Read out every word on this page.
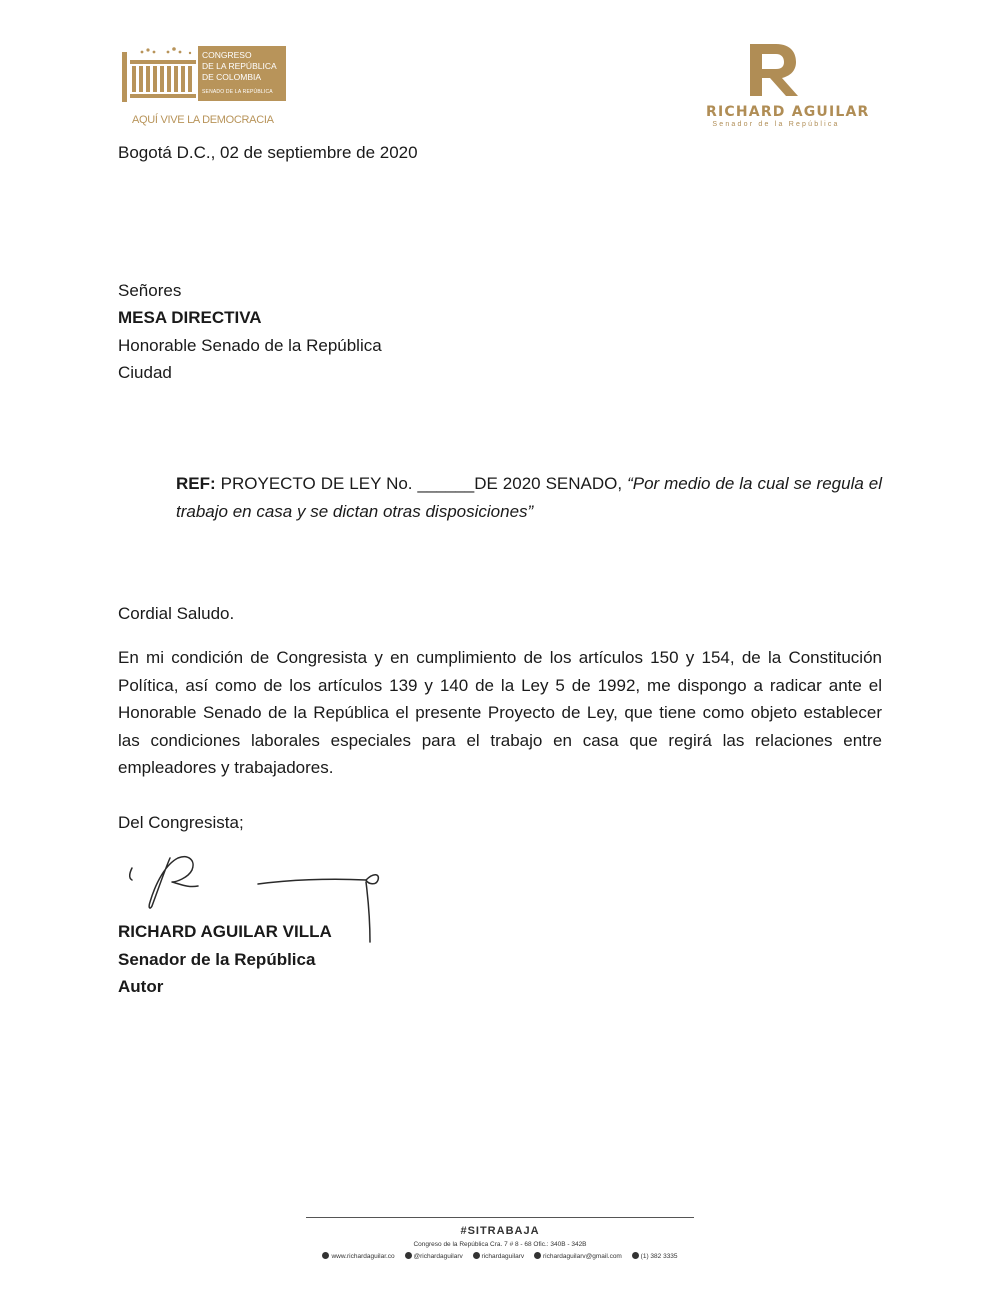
CONGRESO
DE LA REPÚBLICA
DE COLOMBIA
SENADO DE LA REPÚBLICA
AQUÍ VIVE LA DEMOCRACIA	RICHARD AGUILAR
Senador de la República
Bogotá D.C., 02 de septiembre de 2020
Señores
MESA DIRECTIVA
Honorable Senado de la República
Ciudad
REF: PROYECTO DE LEY No. ______DE 2020 SENADO, “Por medio de la cual se regula el trabajo en casa y se dictan otras disposiciones”
Cordial Saludo.
En mi condición de Congresista y en cumplimiento de los artículos 150 y 154, de la Constitución Política, así como de los artículos 139 y 140 de la Ley 5 de 1992, me dispongo a radicar ante el Honorable Senado de la República el presente Proyecto de Ley, que tiene como objeto establecer las condiciones laborales especiales para el trabajo en casa que regirá las relaciones entre empleadores y trabajadores.
Del Congresista;
RICHARD AGUILAR VILLA
Senador de la República
Autor
#SITRABAJA
Congreso de la República Cra. 7 # 8 - 68 Ofic.: 340B - 342B
www.richardaguilar.co	@richardaguilarv	richardaguilarv	richardaguilarv@gmail.com	(1) 382 3335
